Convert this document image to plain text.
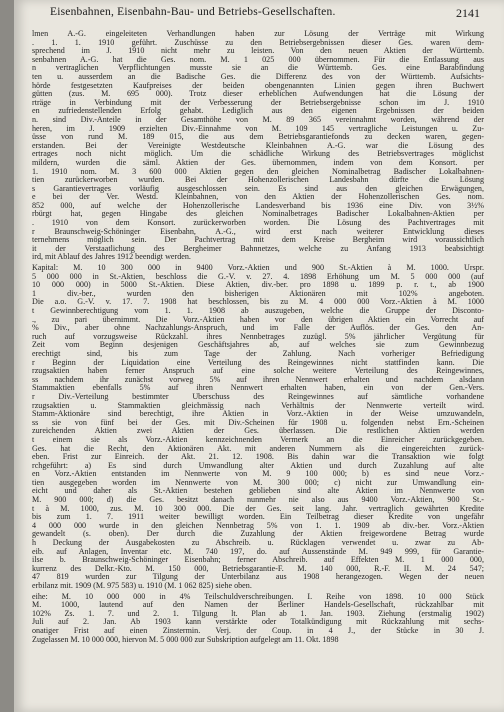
Eisenbahnen, Eisenbahn-Bau- und Betriebs-Gesellschaften.	2141
lmen A.-G. eingeleiteten Verhandlungen haben zur Lösung der Verträge mit Wirkung
. 1. 1. 1910 geführt. Zuschüsse zu den Betriebsergebnissen dieser Ges. waren dem-
sprechend im J. 1910 nicht mehr zu leisten. Von den neuen Aktien der Württemb.
senbahnen A.-G. hat die Ges. nom. M. 1 025 000 übernommen. Für die Entlassung aus
n vertraglichen Verpflichtungen musste sie an die Württemb. Ges. eine Barabfindung
ten u. ausserdem an die Badische Ges. die Differenz des von der Württemb. Aufsichts-
hörde festgesetzten Kaufpreises der beiden obengenannten Linien gegen ihren Buchwert
gütten (zus. M. 695 000). Trotz dieser erheblichen Aufwendungen hat die Lösung der
rträge in Verbindung mit der Verbesserung der Betriebsergebnisse schon im J. 1910
en zufriedenstellenden Erfolg gehabt. Lediglich aus den eigenen Ergebnissen der beiden
n. sind Div.-Anteile in der Gesamthöhe von M. 89 365 vereinnahmt worden, während der
heren, im J. 1909 erzielten Div.-Einnahme von M. 109 145 vertragliche Leistungen u. Zu-
üsse von rund M. 189 015, die aus dem Betriebsgarantiefonds zu decken waren, gegen-
erstanden. Bei der Vereinigte Westdeutsche Kleinbahnen A.-G. war die Lösung des
ertrages noch nicht möglich. Um die schädliche Wirkung des Betriebsvertrages möglichst
mildern, wurden die säml. Aktien der Ges. übernommen, indem von dem Konsort. per
1. 1910 nom. M. 3 600 000 Aktien gegen den gleichen Nominalbetrag Badischer Lokalbahnen-
tien zurückerworben wurden. Bei der Hohenzollerischen Landesbahn dürfte die Lösung
s Garantievertrages vorläufig ausgeschlossen sein. Es sind aus den gleichen Erwägungen,
e bei der Ver. Westd. Kleinbahnen, von den Aktien der Hohenzollerischen Ges. nom.
852 000, auf welche der Hohenzollerische Landesverband bis 1936 eine Div. von 3½%
rbürgt hat, gegen Hingabe des gleichen Nominalbetrages Badischer Lokalbahnen-Aktien per
. 1910 von dem Konsort. zurückerworben worden. Die Lösung des Pachtvertrages mit
r Braunschweig-Schöninger Eisenbahn, A.-G., wird erst nach weiterer Entwicklung dieses
ternehmens möglich sein. Der Pachtvertrag mit dem Kreise Bergheim wird voraussichtlich
it der Verstaatlichung des Bergheimer Bahnnetzes, welche zu Anfang 1913 beabsichtigt
ird, mit Ablauf des Jahres 1912 beendigt werden.
Kapital: M. 10 300 000 in 9400 Vorz.-Aktien und 900 St.-Aktien à M. 1000. Urspr.
5 000 000 in St.-Aktien, beschloss die G.-V. v. 27. 4. 1898 Erhöhung um M. 5 000 000 (auf
10 000 000) in 5000 St.-Aktien. Diese Aktien, div.-ber. pro 1898 u. 1899 p. r. t., ab 1900
1 div.-ber., wurden den bisherigen Aktionären mit 102% angeboten.
Die a.o. G.-V. v. 17. 7. 1908 hat beschlossen, bis zu M. 4 000 000 Vorz.-Aktien à M. 1000
t Gewinnberechtigung vom 1. 1. 1908 ab auszugeben, welche die Gruppe der Disconto-
., zu pari übernimmt. Die Vorz.-Aktien haben vor den übrigen Aktien ein Vorrecht auf
% Div., aber ohne Nachzahlungs-Anspruch, und im Falle der Auflös. der Ges. den An-
ruch auf vorzugsweise Rückzahl. ihres Nennbetrages zuzügl. 5% jährlicher Vergütung für
Zeit vom Beginn desjenigen Geschäftsjahres ab, auf welches sie zum Gewinnbezug
erechtigt sind, bis zum Tage der Zahlung. Nach vorheriger Befriedigung
r Beginn der Liquidation eine Verteilung des Reingewinnes nicht stattfinden kann. Die
rzugsaktien haben ferner Anspruch auf eine solche weitere Verteilung des Reingewinnes,
ss nachdem ihr zunächst vorweg 5% auf ihren Nennwert erhalten und nachdem alsdann
Stammaktien ebenfalls 5% auf ihren Nennwert erhalten haben, ein von der Gen.-Vers.
r Div.-Verteilung bestimmter Überschuss des Reingewinnes auf sämtliche vorhandene
rzugsaktien u. Stammaktien gleichmässig nach Verhältnis der Nennwerte verteilt wird.
Stamm-Aktionäre sind berechtigt, ihre Aktien in Vorz.-Aktien in der Weise umzuwandeln,
ss sie von fünf bei der Ges. mit Div.-Scheinen für 1908 u. folgenden nebst Ern.-Scheinen
zureichenden Aktien zwei Aktien der Ges. überlassen. Die restlichen Aktien werden
t einem sie als Vorz.-Aktien kennzeichnenden Vermerk an die Einreicher zurückgegeben.
Ges. hat die Recht, den Aktionären Akt. mit anderen Nummern als die eingereichten zurück-
eben. Frist zur Einreich. der Akt. 21. 12. 1908. Bis dahin war die Transaktion wie folgt
rchgeführt: a) Es sind durch Umwandlung alter Aktien und durch Zuzahlung auf alte
en Vorz.-Aktien entstanden im Nennwerte von M. 9 100 000; b) es sind neue Vorz.-
tien ausgegeben worden im Nennwerte von M. 300 000; c) nicht zur Umwandlung ein-
eicht und daher als St.-Aktien bestehen geblieben sind alte Aktien im Nennwerte von
M. 900 000; d) die Ges. besitzt danach nunmehr nie also aus 9400 Vorz.-Aktien, 900 St.-
t à M. 1000, zus. M. 10 300 000. Die der Ges. seit lang. Jahr. vertraglich gewährten Kredite
bis zum 1. 7. 1911 weiter bewilligt worden. Ein Teilbetrag dieser Kredite von ungefähr
4 000 000 wurde in den gleichen Nennbetrag 5% von 1. 1. 1909 ab div.-ber. Vorz.-Aktien
gewandelt (s. oben). Der durch die Zuzahlung der Aktien freigewordene Betrag wurde
h Deckung der Ausgabekosten zu Abschreib. u. Rücklagen verwendet u. zwar zu Ab-
eib. auf Anlagen, Inventar etc. M. 740 197, do. auf Aussenstände M. 949 999, für Garantie-
ilse b. Braunschweig-Schöninger Eisenbahn; ferner Abschreib. auf Effekten M. 1 000 000,
kurrenz des Delkr.-Kto. M. 150 000, Betriebsgarantie-F. M. 140 000, R.-F. II. M. 24 547;
47 819 wurden zur Tilgung der Unterbilanz aus 1908 herangezogen. Wegen der neuen
erbilanz mit. 1909 (M. 975 583) u. 1910 (M. 1 062 825) siehe oben.
eihe: M. 10 000 000 in 4% Teilschuldverschreibungen. I. Reihe von 1898. 10 000 Stück
M. 1000, lautend auf den Namen der Berliner Handels-Gesellschaft, rückzahlbar mit
102% Zs. 1. 7. und 2. 1. Tilgung lt. Plan ab 1. Jan. 1903. Ziehung (erstmalig 1902)
Juli auf 2. Jan. Ab 1903 kann verstärkte oder Totalkündigung mit Rückzahlung mit sechs-
onatiger Frist auf einen Zinstermin. Verj. der Coup. in 4 J., der Stücke in 30 J.
Zugelassen M. 10 000 000, hiervon M. 5 000 000 zur Subskription aufgelegt am 11. Okt. 1898
